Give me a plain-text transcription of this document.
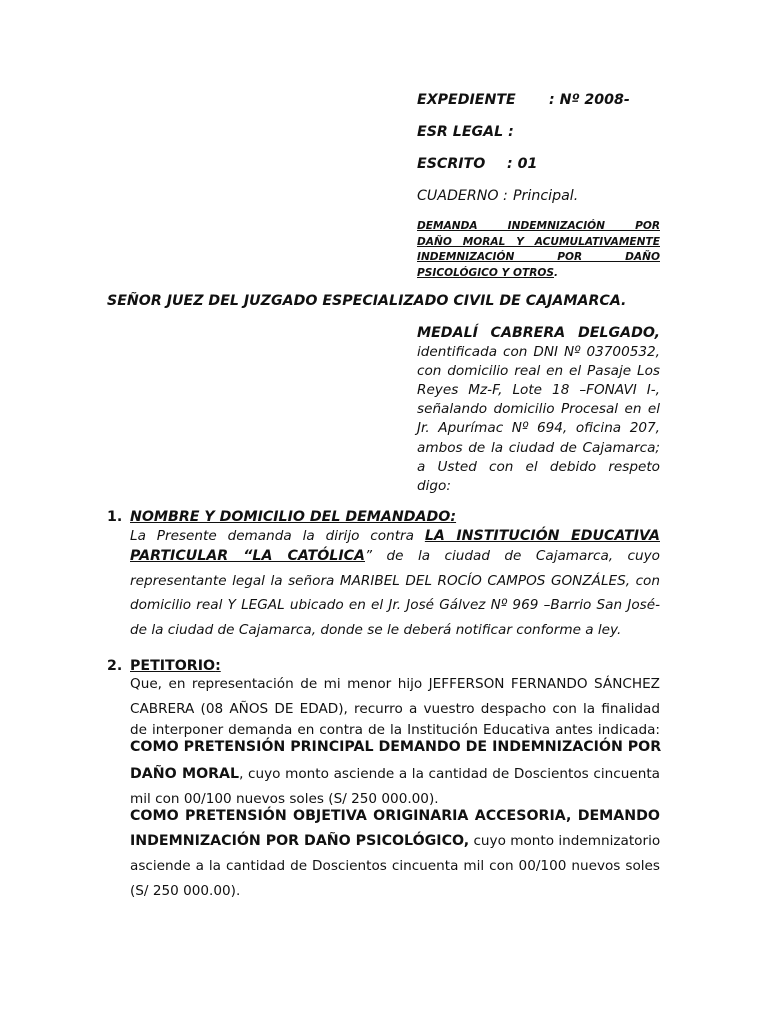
EXPEDIENTE : Nº 2008-
ESR LEGAL :
ESCRITO : 01
CUADERNO : Principal.
DEMANDA INDEMNIZACIÓN POR
DAÑO MORAL Y ACUMULATIVAMENTE
INDEMNIZACIÓN POR DAÑO
PSICOLÓGICO Y OTROS.
SEÑOR JUEZ DEL JUZGADO ESPECIALIZADO CIVIL DE CAJAMARCA.
MEDALÍ CABRERA DELGADO,
identificada con DNI Nº 03700532,
con domicilio real en el Pasaje Los
Reyes Mz-F, Lote 18 –FONAVI I-,
señalando domicilio Procesal en el
Jr. Apurímac Nº 694, oficina 207,
ambos de la ciudad de Cajamarca;
a Usted con el debido respeto
digo:
1. NOMBRE Y DOMICILIO DEL DEMANDADO:
La Presente demanda la dirijo contra LA INSTITUCIÓN EDUCATIVA
PARTICULAR “LA CATÓLICA” de la ciudad de Cajamarca, cuyo
representante legal la señora MARIBEL DEL ROCÍO CAMPOS GONZÁLES, con
domicilio real Y LEGAL ubicado en el Jr. José Gálvez Nº 969 –Barrio San José-
de la ciudad de Cajamarca, donde se le deberá notificar conforme a ley.
2. PETITORIO:
Que, en representación de mi menor hijo JEFFERSON FERNANDO SÁNCHEZ
CABRERA (08 AÑOS DE EDAD), recurro a vuestro despacho con la finalidad
de interponer demanda en contra de la Institución Educativa antes indicada:
COMO PRETENSIÓN PRINCIPAL DEMANDO DE INDEMNIZACIÓN POR
DAÑO MORAL, cuyo monto asciende a la cantidad de Doscientos cincuenta
mil con 00/100 nuevos soles (S/ 250 000.00).
COMO PRETENSIÓN OBJETIVA ORIGINARIA ACCESORIA, DEMANDO
INDEMNIZACIÓN POR DAÑO PSICOLÓGICO, cuyo monto indemnizatorio
asciende a la cantidad de Doscientos cincuenta mil con 00/100 nuevos soles
(S/ 250 000.00).
